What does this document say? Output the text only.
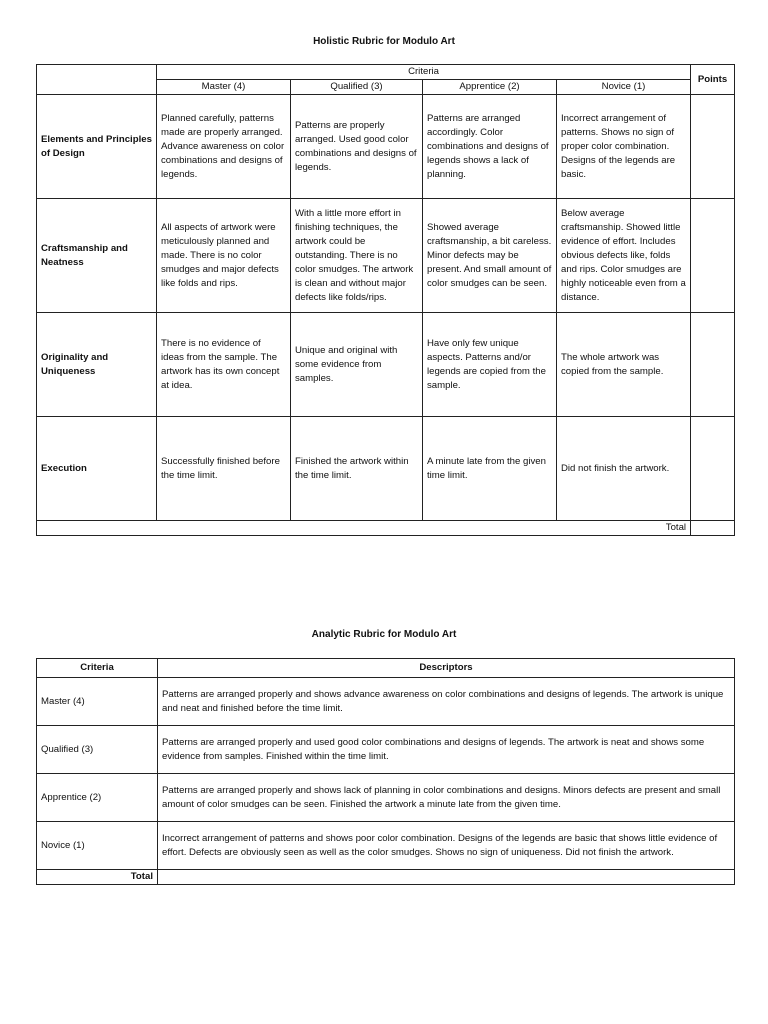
Holistic Rubric for Modulo Art
	Criteria				Points
	Master (4)	Qualified (3)	Apprentice (2)	Novice (1)	
Elements and Principles of Design	Planned carefully, patterns made are properly arranged. Advance awareness on color combinations and designs of legends.	Patterns are properly arranged. Used good color combinations and designs of legends.	Patterns are arranged accordingly. Color combinations and designs of legends shows a lack of planning.	Incorrect arrangement of patterns. Shows no sign of proper color combination. Designs of the legends are basic.	
Craftsmanship and Neatness	All aspects of artwork were meticulously planned and made. There is no color smudges and major defects like folds and rips.	With a little more effort in finishing techniques, the artwork could be outstanding. There is no color smudges. The artwork is clean and without major defects like folds/rips.	Showed average craftsmanship, a bit careless. Minor defects may be present. And small amount of color smudges can be seen.	Below average craftsmanship. Showed little evidence of effort. Includes obvious defects like, folds and rips. Color smudges are highly noticeable even from a distance.	
Originality and Uniqueness	There is no evidence of ideas from the sample. The artwork has its own concept at idea.	Unique and original with some evidence from samples.	Have only few unique aspects. Patterns and/or legends are copied from the sample.	The whole artwork was copied from the sample.	
Execution	Successfully finished before the time limit.	Finished the artwork within the time limit.	A minute late from the given time limit.	Did not finish the artwork.	
Total					
Analytic Rubric for Modulo Art
Criteria	Descriptors
Master (4)	Patterns are arranged properly and shows advance awareness on color combinations and designs of legends. The artwork is unique and neat and finished before the time limit.
Qualified (3)	Patterns are arranged properly and used good color combinations and designs of legends. The artwork is neat and shows some evidence from samples. Finished within the time limit.
Apprentice (2)	Patterns are arranged properly and shows lack of planning in color combinations and designs. Minors defects are present and small amount of color smudges can be seen. Finished the artwork a minute late from the given time.
Novice (1)	Incorrect arrangement of patterns and shows poor color combination. Designs of the legends are basic that shows little evidence of effort. Defects are obviously seen as well as the color smudges. Shows no sign of uniqueness. Did not finish the artwork.
Total	
